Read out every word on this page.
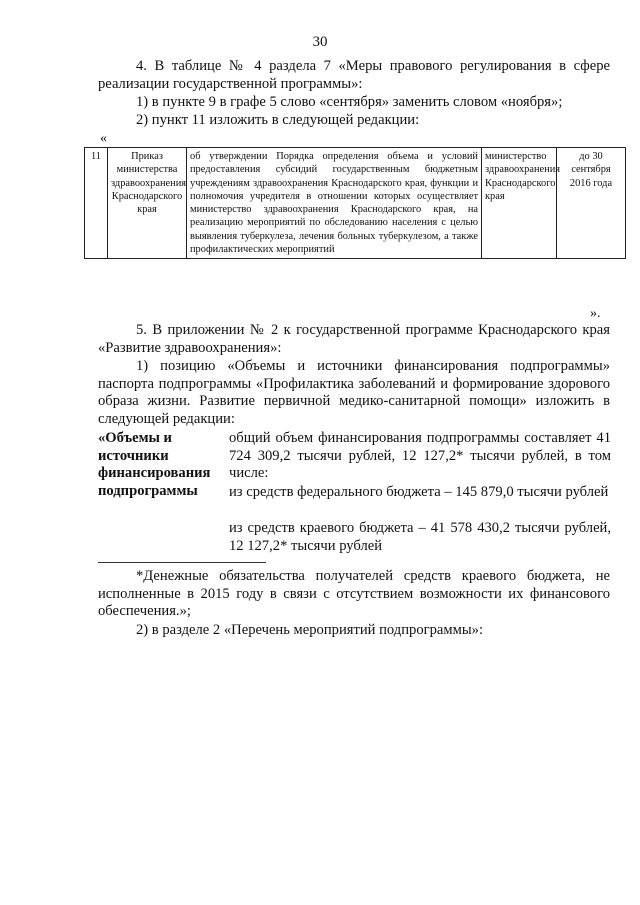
30
4. В таблице № 4 раздела 7 «Меры правового регулирования в сфере реализации государственной программы»:
1) в пункте 9 в графе 5 слово «сентября» заменить словом «ноября»;
2) пункт 11 изложить в следующей редакции:
«
11	Приказ министерства здравоохранения Краснодарского края	об утверждении Порядка определения объема и условий предоставления субсидий государственным бюджетным учреждениям здравоохранения Краснодарского края, функции и полномочия учредителя в отношении которых осуществляет министерство здравоохранения Краснодарского края, на реализацию мероприятий по обследованию населения с целью выявления туберкулеза, лечения больных туберкулезом, а также профилактических мероприятий	министерство здравоохранения Краснодарского края	до 30 сентября 2016 года
».
5. В приложении № 2 к государственной программе Краснодарского края «Развитие здравоохранения»:
1) позицию «Объемы и источники финансирования подпрограммы» паспорта подпрограммы «Профилактика заболеваний и формирование здорового образа жизни. Развитие первичной медико-санитарной помощи» изложить в следующей редакции:
«Объемы и источники финансирования подпрограммы
общий объем финансирования подпрограммы составляет 41 724 309,2 тысячи рублей, 12 127,2* тысячи рублей, в том числе:
из средств федерального бюджета – 145 879,0 тысячи рублей
из средств краевого бюджета – 41 578 430,2 тысячи рублей, 12 127,2* тысячи рублей
*Денежные обязательства получателей средств краевого бюджета, не исполненные в 2015 году в связи с отсутствием возможности их финансового обеспечения.»;
2) в разделе 2 «Перечень мероприятий подпрограммы»:
